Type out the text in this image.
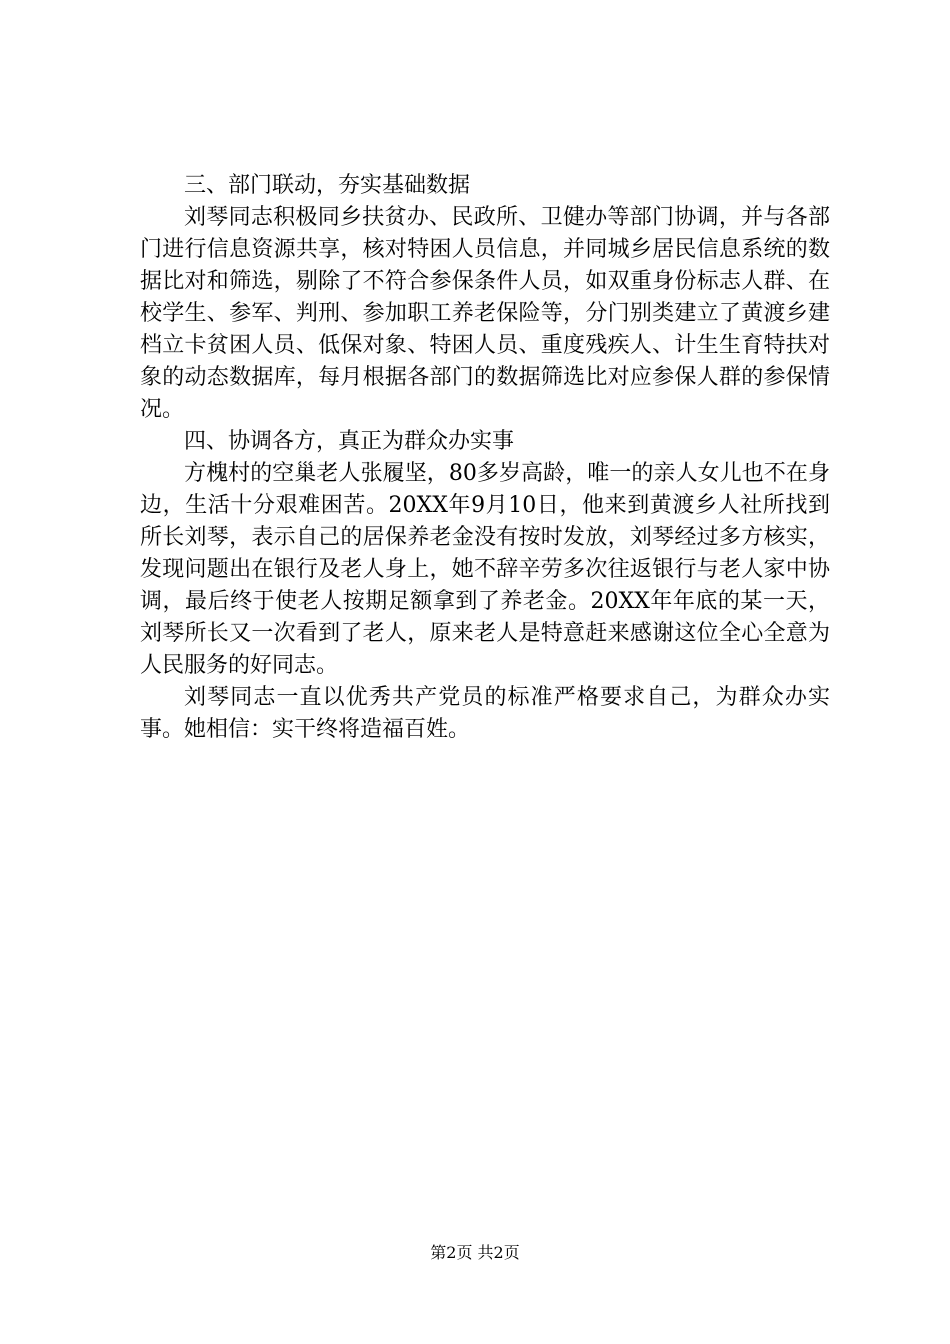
三、部门联动，夯实基础数据

刘琴同志积极同乡扶贫办、民政所、卫健办等部门协调，并与各部门进行信息资源共享，核对特困人员信息，并同城乡居民信息系统的数据比对和筛选，剔除了不符合参保条件人员，如双重身份标志人群、在校学生、参军、判刑、参加职工养老保险等，分门别类建立了黄渡乡建档立卡贫困人员、低保对象、特困人员、重度残疾人、计生生育特扶对象的动态数据库，每月根据各部门的数据筛选比对应参保人群的参保情况。

四、协调各方，真正为群众办实事

方槐村的空巢老人张履坚，80多岁高龄，唯一的亲人女儿也不在身边，生活十分艰难困苦。20XX年9月10日，他来到黄渡乡人社所找到所长刘琴，表示自己的居保养老金没有按时发放，刘琴经过多方核实，发现问题出在银行及老人身上，她不辞辛劳多次往返银行与老人家中协调，最后终于使老人按期足额拿到了养老金。20XX年年底的某一天，刘琴所长又一次看到了老人，原来老人是特意赶来感谢这位全心全意为人民服务的好同志。

刘琴同志一直以优秀共产党员的标准严格要求自己，为群众办实事。她相信：实干终将造福百姓。

第2页 共2页
